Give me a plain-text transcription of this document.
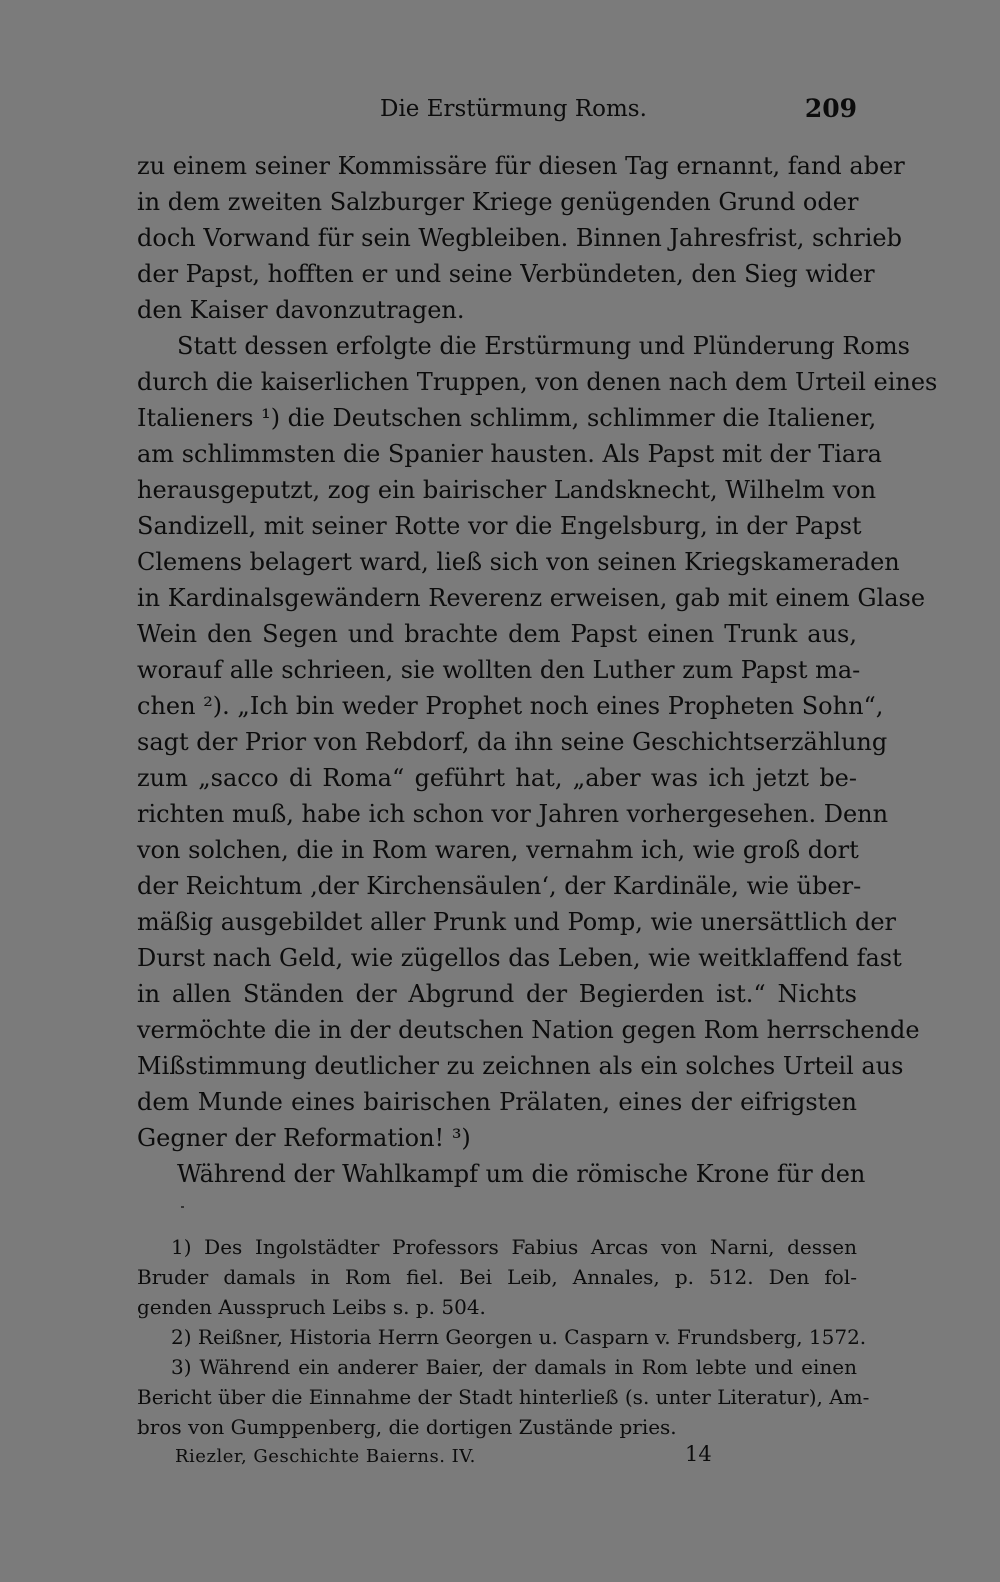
Die Erstürmung Roms.	209
zu einem seiner Kommissäre für diesen Tag ernannt, fand aber
in dem zweiten Salzburger Kriege genügenden Grund oder
doch Vorwand für sein Wegbleiben. Binnen Jahresfrist, schrieb
der Papst, hofften er und seine Verbündeten, den Sieg wider
den Kaiser davonzutragen.
Statt dessen erfolgte die Erstürmung und Plünderung Roms
durch die kaiserlichen Truppen, von denen nach dem Urteil eines
Italieners ¹) die Deutschen schlimm, schlimmer die Italiener,
am schlimmsten die Spanier hausten. Als Papst mit der Tiara
herausgeputzt, zog ein bairischer Landsknecht, Wilhelm von
Sandizell, mit seiner Rotte vor die Engelsburg, in der Papst
Clemens belagert ward, ließ sich von seinen Kriegskameraden
in Kardinalsgewändern Reverenz erweisen, gab mit einem Glase
Wein den Segen und brachte dem Papst einen Trunk aus,
worauf alle schrieen, sie wollten den Luther zum Papst ma-
chen ²). „Ich bin weder Prophet noch eines Propheten Sohn“,
sagt der Prior von Rebdorf, da ihn seine Geschichtserzählung
zum „sacco di Roma“ geführt hat, „aber was ich jetzt be-
richten muß, habe ich schon vor Jahren vorhergesehen. Denn
von solchen, die in Rom waren, vernahm ich, wie groß dort
der Reichtum ‚der Kirchensäulen‘, der Kardinäle, wie über-
mäßig ausgebildet aller Prunk und Pomp, wie unersättlich der
Durst nach Geld, wie zügellos das Leben, wie weitklaffend fast
in allen Ständen der Abgrund der Begierden ist.“ Nichts
vermöchte die in der deutschen Nation gegen Rom herrschende
Mißstimmung deutlicher zu zeichnen als ein solches Urteil aus
dem Munde eines bairischen Prälaten, eines der eifrigsten
Gegner der Reformation! ³)
Während der Wahlkampf um die römische Krone für den
1) Des Ingolstädter Professors Fabius Arcas von Narni, dessen
Bruder damals in Rom fiel. Bei Leib, Annales, p. 512. Den fol-
genden Ausspruch Leibs s. p. 504.
2) Reißner, Historia Herrn Georgen u. Casparn v. Frundsberg, 1572.
3) Während ein anderer Baier, der damals in Rom lebte und einen
Bericht über die Einnahme der Stadt hinterließ (s. unter Literatur), Am-
bros von Gumppenberg, die dortigen Zustände pries.
Riezler, Geschichte Baierns. IV.	14
